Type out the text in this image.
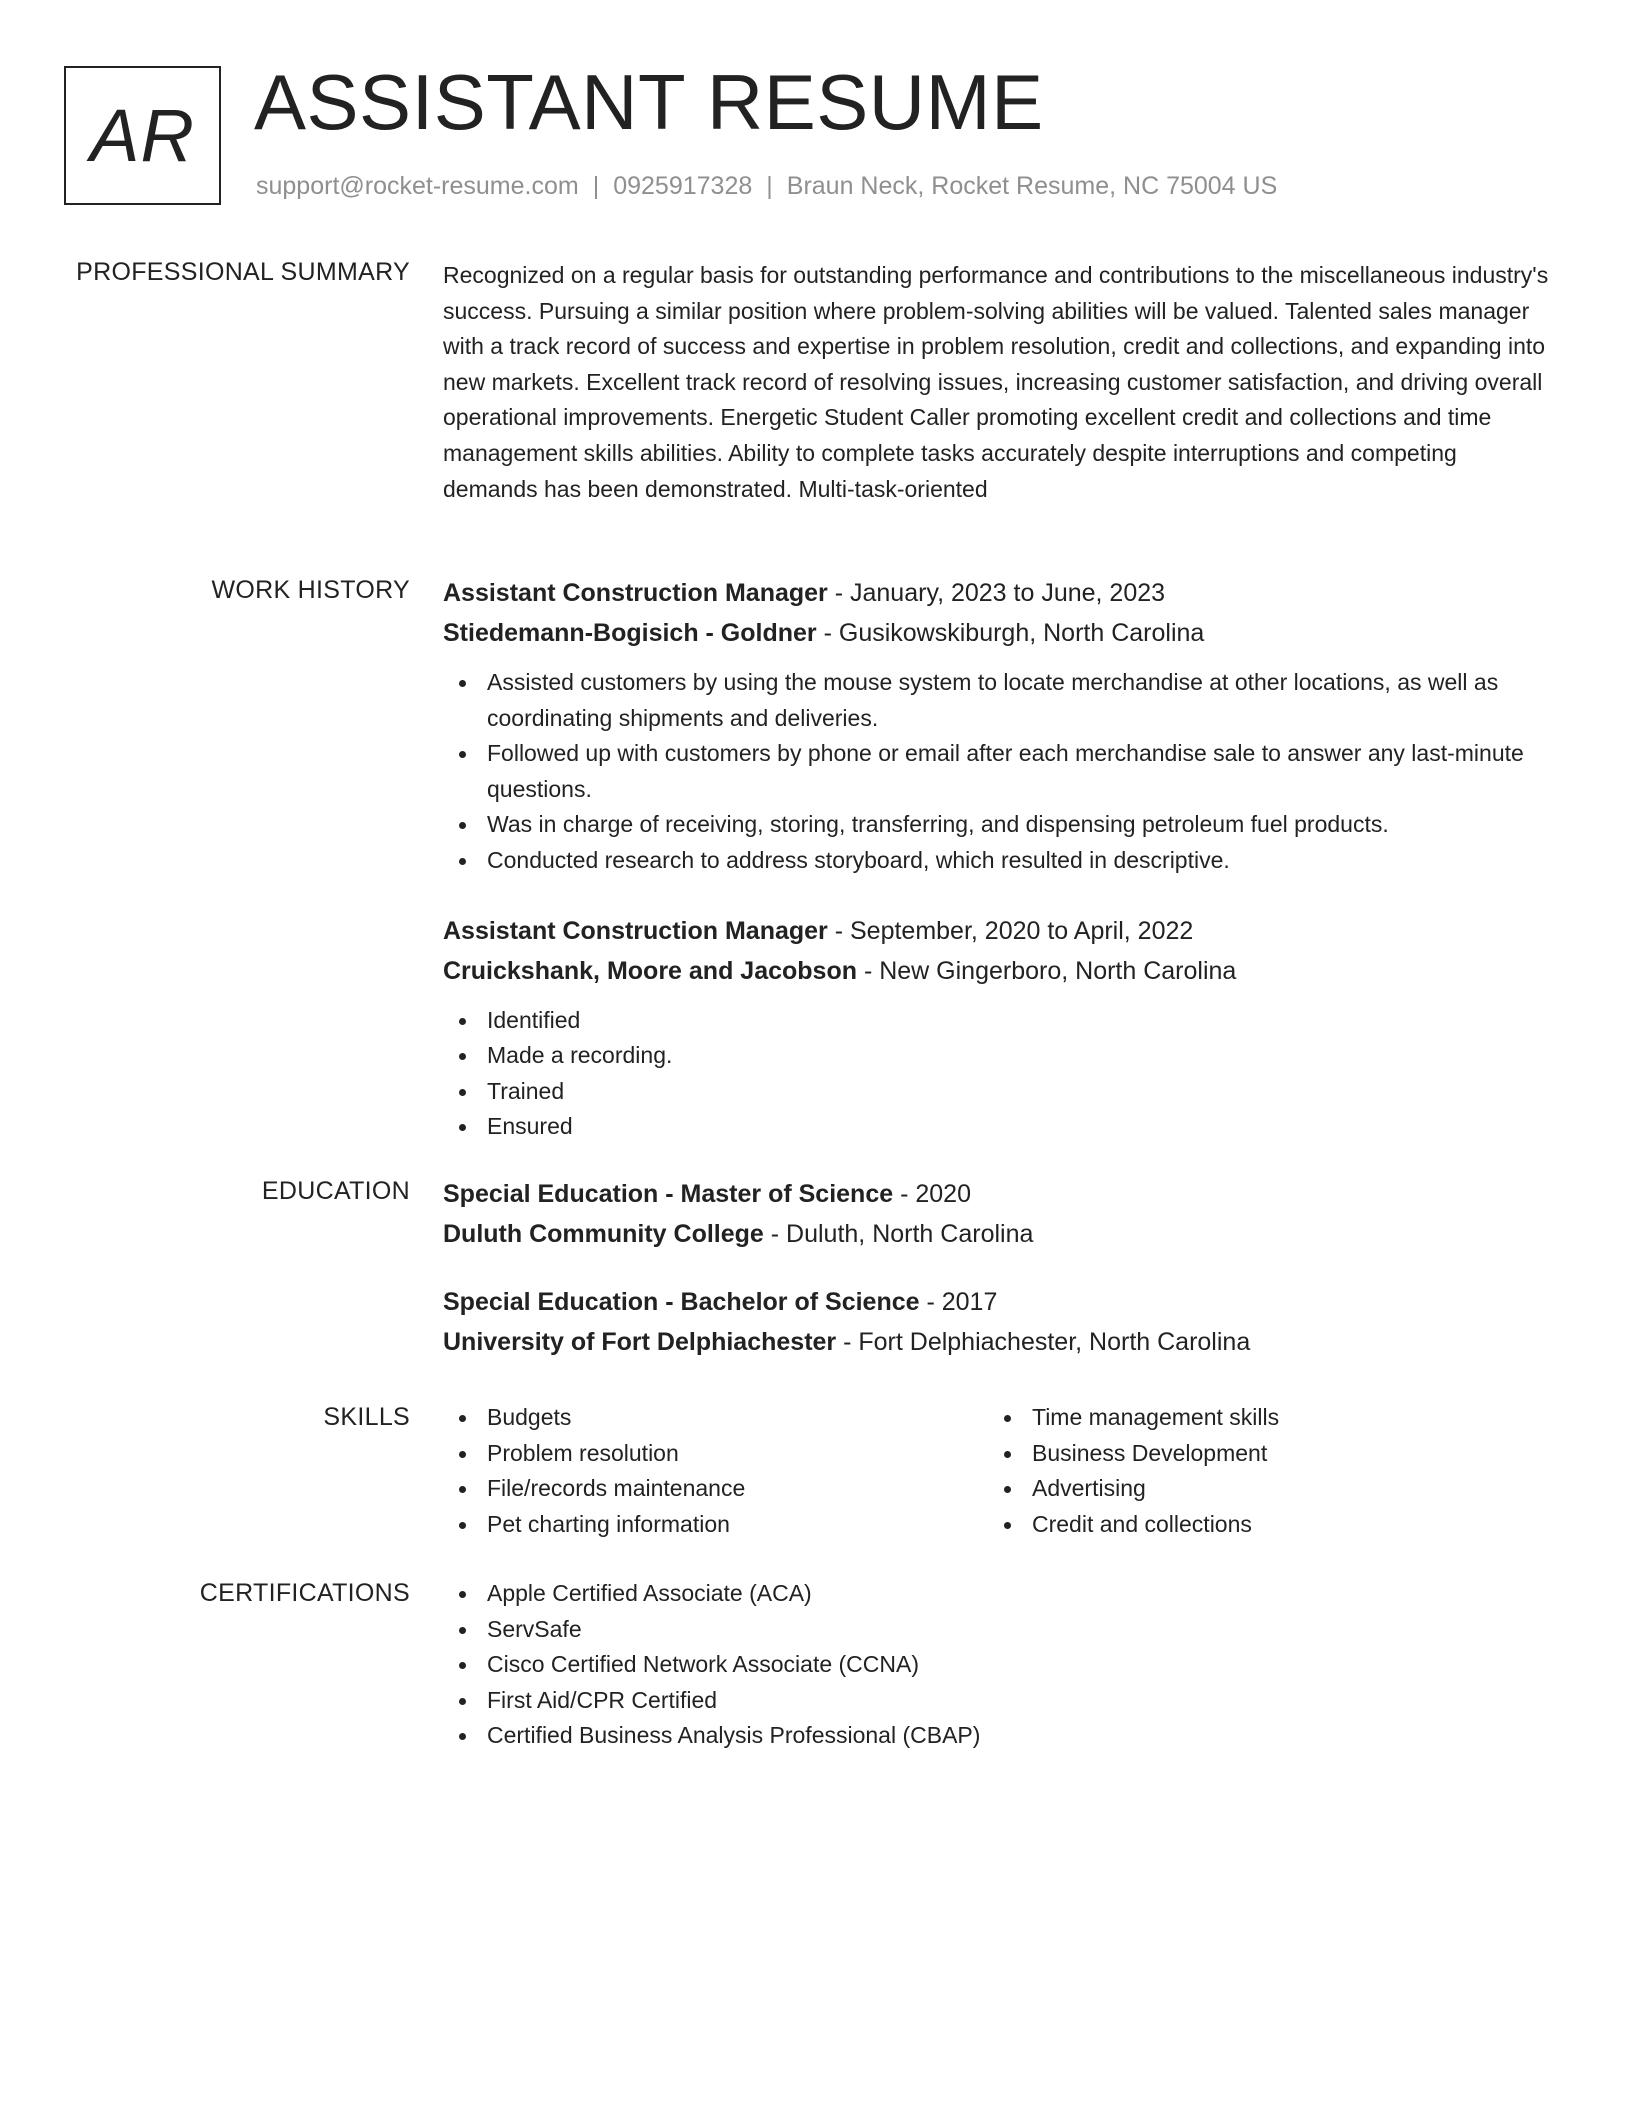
AR ASSISTANT RESUME
support@rocket-resume.com | 0925917328 | Braun Neck, Rocket Resume, NC 75004 US
PROFESSIONAL SUMMARY Recognized on a regular basis for outstanding performance and contributions to the miscellaneous industry's success. Pursuing a similar position where problem-solving abilities will be valued. Talented sales manager with a track record of success and expertise in problem resolution, credit and collections, and expanding into new markets. Excellent track record of resolving issues, increasing customer satisfaction, and driving overall operational improvements. Energetic Student Caller promoting excellent credit and collections and time management skills abilities. Ability to complete tasks accurately despite interruptions and competing demands has been demonstrated. Multi-task-oriented

WORK HISTORY Assistant Construction Manager - January, 2023 to June, 2023
Stiedemann-Bogisich - Goldner - Gusikowskiburgh, North Carolina
Assisted customers by using the mouse system to locate merchandise at other locations, as well as coordinating shipments and deliveries.
Followed up with customers by phone or email after each merchandise sale to answer any last-minute questions.
Was in charge of receiving, storing, transferring, and dispensing petroleum fuel products.
Conducted research to address storyboard, which resulted in descriptive.
Assistant Construction Manager - September, 2020 to April, 2022
Cruickshank, Moore and Jacobson - New Gingerboro, North Carolina
Identified
Made a recording.
Trained
Ensured
EDUCATION Special Education - Master of Science - 2020
Duluth Community College - Duluth, North Carolina
Special Education - Bachelor of Science - 2017
University of Fort Delphiachester - Fort Delphiachester, North Carolina
SKILLS	Budgets
Problem resolution
File/records maintenance
Pet charting information
Time management skills
Business Development
Advertising
Credit and collections
CERTIFICATIONS	Apple Certified Associate (ACA)
ServSafe
Cisco Certified Network Associate (CCNA)
First Aid/CPR Certified
Certified Business Analysis Professional (CBAP)
